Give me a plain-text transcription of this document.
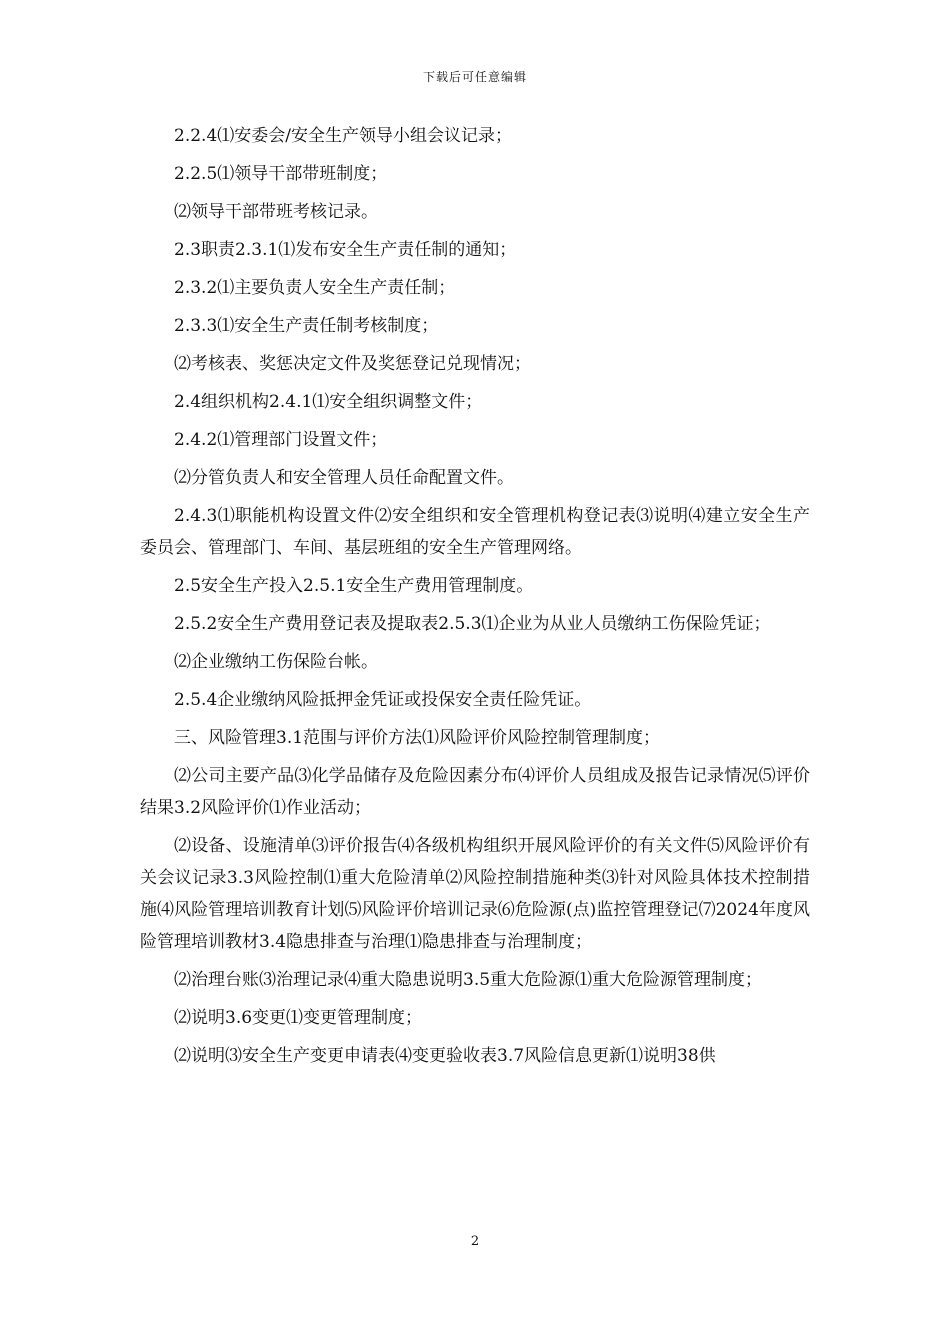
下载后可任意编辑

2.2.4⑴安委会/安全生产领导小组会议记录；

2.2.5⑴领导干部带班制度；

⑵领导干部带班考核记录。

2.3职责2.3.1⑴发布安全生产责任制的通知；

2.3.2⑴主要负责人安全生产责任制；

2.3.3⑴安全生产责任制考核制度；

⑵考核表、奖惩决定文件及奖惩登记兑现情况；

2.4组织机构2.4.1⑴安全组织调整文件；

2.4.2⑴管理部门设置文件；

⑵分管负责人和安全管理人员任命配置文件。

2.4.3⑴职能机构设置文件⑵安全组织和安全管理机构登记表⑶说明⑷建立安全生产委员会、管理部门、车间、基层班组的安全生产管理网络。

2.5安全生产投入2.5.1安全生产费用管理制度。

2.5.2安全生产费用登记表及提取表2.5.3⑴企业为从业人员缴纳工伤保险凭证；

⑵企业缴纳工伤保险台帐。

2.5.4企业缴纳风险抵押金凭证或投保安全责任险凭证。

三、风险管理3.1范围与评价方法⑴风险评价风险控制管理制度；

⑵公司主要产品⑶化学品储存及危险因素分布⑷评价人员组成及报告记录情况⑸评价结果3.2风险评价⑴作业活动；

⑵设备、设施清单⑶评价报告⑷各级机构组织开展风险评价的有关文件⑸风险评价有关会议记录3.3风险控制⑴重大危险清单⑵风险控制措施种类⑶针对风险具体技术控制措施⑷风险管理培训教育计划⑸风险评价培训记录⑹危险源(点)监控管理登记⑺2024年度风险管理培训教材3.4隐患排查与治理⑴隐患排查与治理制度；

⑵治理台账⑶治理记录⑷重大隐患说明3.5重大危险源⑴重大危险源管理制度；

⑵说明3.6变更⑴变更管理制度；

⑵说明⑶安全生产变更申请表⑷变更验收表3.7风险信息更新⑴说明38供

2
